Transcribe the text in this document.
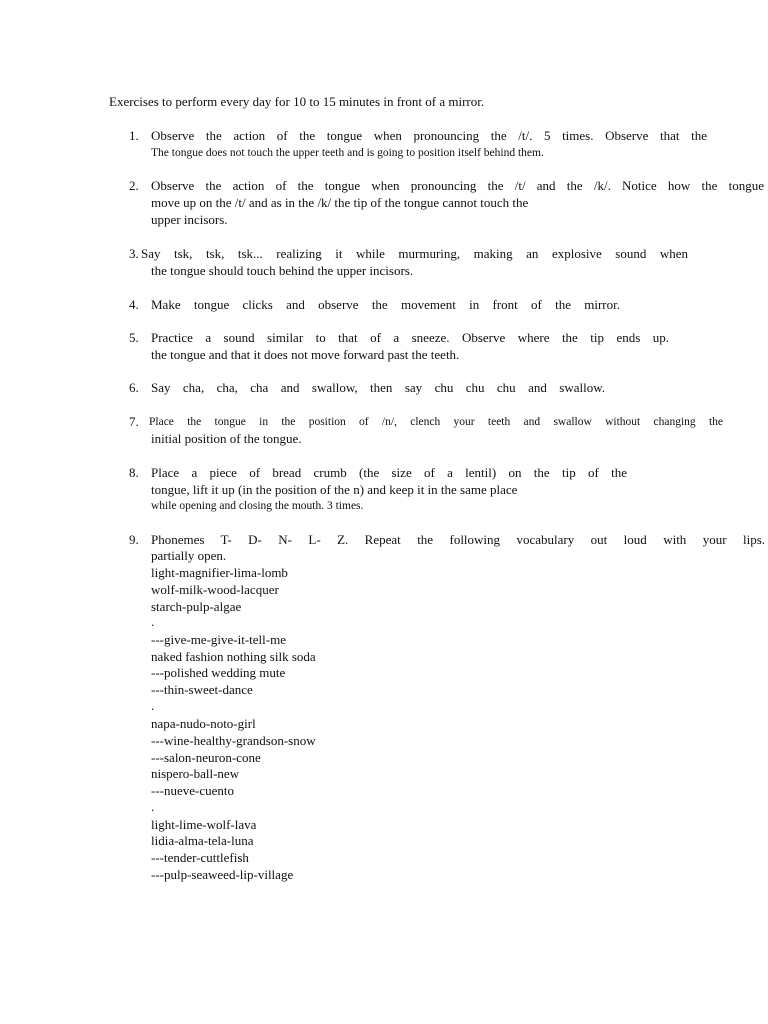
Exercises to perform every day for 10 to 15 minutes in front of a mirror.
1. Observe the action of the tongue when pronouncing the /t/. 5 times. Observe that the
The tongue does not touch the upper teeth and is going to position itself behind them.
2. Observe the action of the tongue when pronouncing the /t/ and the /k/. Notice how the tongue
move up on the /t/ and as in the /k/ the tip of the tongue cannot touch the
upper incisors.
3. Say tsk, tsk, tsk... realizing it while murmuring, making an explosive sound when
the tongue should touch behind the upper incisors.
4. Make tongue clicks and observe the movement in front of the mirror.
5. Practice a sound similar to that of a sneeze. Observe where the tip ends up.
the tongue and that it does not move forward past the teeth.
6. Say cha, cha, cha and swallow, then say chu chu chu and swallow.
7. Place the tongue in the position of /n/, clench your teeth and swallow without changing the
initial position of the tongue.
8. Place a piece of bread crumb (the size of a lentil) on the tip of the
tongue, lift it up (in the position of the n) and keep it in the same place
while opening and closing the mouth. 3 times.
9. Phonemes T- D- N- L- Z. Repeat the following vocabulary out loud with your lips.
partially open.
light-magnifier-lima-lomb
wolf-milk-wood-lacquer
starch-pulp-algae
.
---give-me-give-it-tell-me
naked fashion nothing silk soda
---polished wedding mute
---thin-sweet-dance
.
napa-nudo-noto-girl
---wine-healthy-grandson-snow
---salon-neuron-cone
nispero-ball-new
---nueve-cuento
.
light-lime-wolf-lava
lidia-alma-tela-luna
---tender-cuttlefish
---pulp-seaweed-lip-village
